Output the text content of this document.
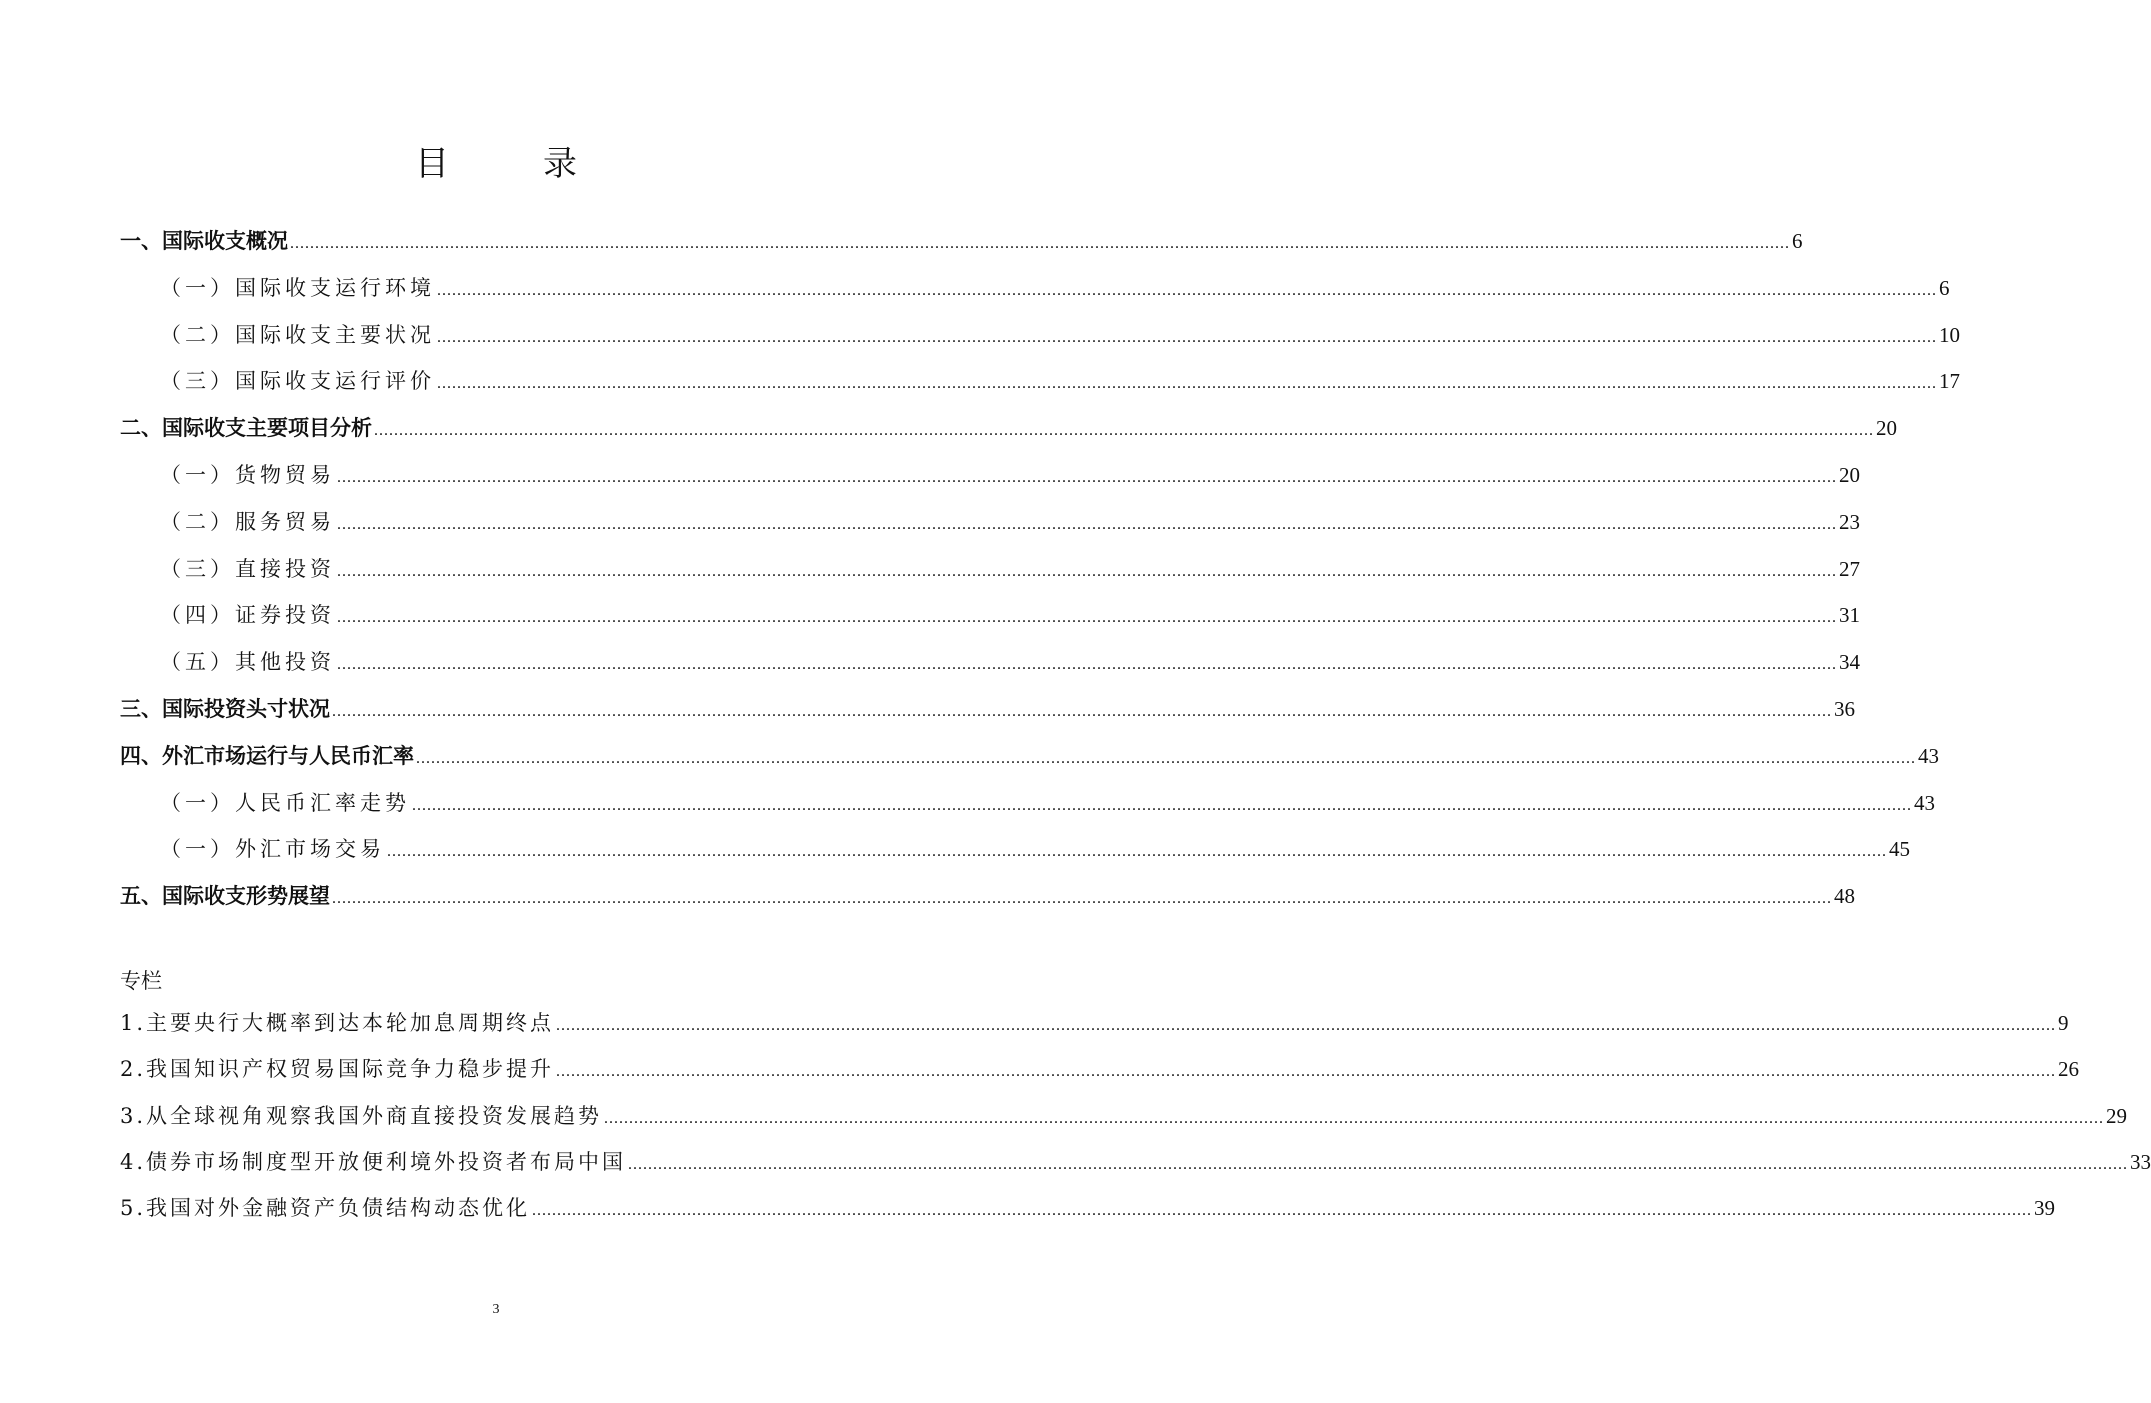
目　录
一、国际收支概况 ............................................................................................................................................................................................................................................................................................................ 6
（一）国际收支运行环境 ............................................................................................................................................................................................................................................................................................................ 6
（二）国际收支主要状况 ............................................................................................................................................................................................................................................................................................................ 10
（三）国际收支运行评价 ............................................................................................................................................................................................................................................................................................................ 17
二、国际收支主要项目分析 ............................................................................................................................................................................................................................................................................................................ 20
（一）货物贸易 ............................................................................................................................................................................................................................................................................................................ 20
（二）服务贸易 ............................................................................................................................................................................................................................................................................................................ 23
（三）直接投资 ............................................................................................................................................................................................................................................................................................................ 27
（四）证券投资 ............................................................................................................................................................................................................................................................................................................ 31
（五）其他投资 ............................................................................................................................................................................................................................................................................................................ 34
三、国际投资头寸状况 ............................................................................................................................................................................................................................................................................................................ 36
四、外汇市场运行与人民币汇率 ............................................................................................................................................................................................................................................................................................................ 43
（一）人民币汇率走势 ............................................................................................................................................................................................................................................................................................................ 43
（一）外汇市场交易 ............................................................................................................................................................................................................................................................................................................ 45
五、国际收支形势展望 ............................................................................................................................................................................................................................................................................................................ 48
专栏
1.主要央行大概率到达本轮加息周期终点 ............................................................................................................................................................................................................................................................................................................ 9
2.我国知识产权贸易国际竞争力稳步提升 ............................................................................................................................................................................................................................................................................................................ 26
3.从全球视角观察我国外商直接投资发展趋势 ............................................................................................................................................................................................................................................................................................................ 29
4.债券市场制度型开放便利境外投资者布局中国 ............................................................................................................................................................................................................................................................................................................ 33
5.我国对外金融资产负债结构动态优化 ............................................................................................................................................................................................................................................................................................................ 39
3
